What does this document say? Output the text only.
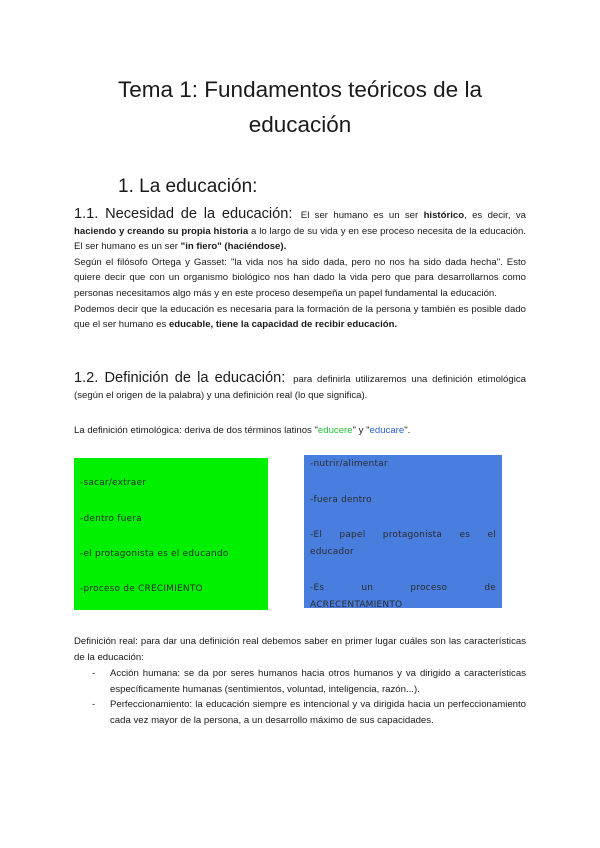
Tema 1: Fundamentos teóricos de la
educación
1. La educación:
1.1. Necesidad de la educación: El ser humano es un ser histórico, es decir, va haciendo y creando su propia historia a lo largo de su vida y en ese proceso necesita de la educación. El ser humano es un ser "in fiero" (haciéndose).
Según el filósofo Ortega y Gasset: "la vida nos ha sido dada, pero no nos ha sido dada hecha". Esto quiere decir que con un organismo biológico nos han dado la vida pero que para desarrollarnos como personas necesitamos algo más y en este proceso desempeña un papel fundamental la educación.
Podemos decir que la educación es necesaria para la formación de la persona y también es posible dado que el ser humano es educable, tiene la capacidad de recibir educación.
1.2. Definición de la educación: para definirla utilizaremos una definición etimológica (según el origen de la palabra) y una definición real (lo que significa).
La definición etimológica: deriva de dos términos latinos "educere" y "educare".
-sacar/extraer
-dentro fuera
-el protagonista es el educando
-proceso de CRECIMIENTO
-nutrir/alimentar
-fuera dentro
-El papel protagonista es el
educador
-Es	un	proceso	de
ACRECENTAMIENTO
Definición real: para dar una definición real debemos saber en primer lugar cuáles son las características de la educación:
- Acción humana: se da por seres humanos hacia otros humanos y va dirigido a características específicamente humanas (sentimientos, voluntad, inteligencia, razón...).
- Perfeccionamiento: la educación siempre es intencional y va dirigida hacia un perfeccionamiento cada vez mayor de la persona, a un desarrollo máximo de sus capacidades.
